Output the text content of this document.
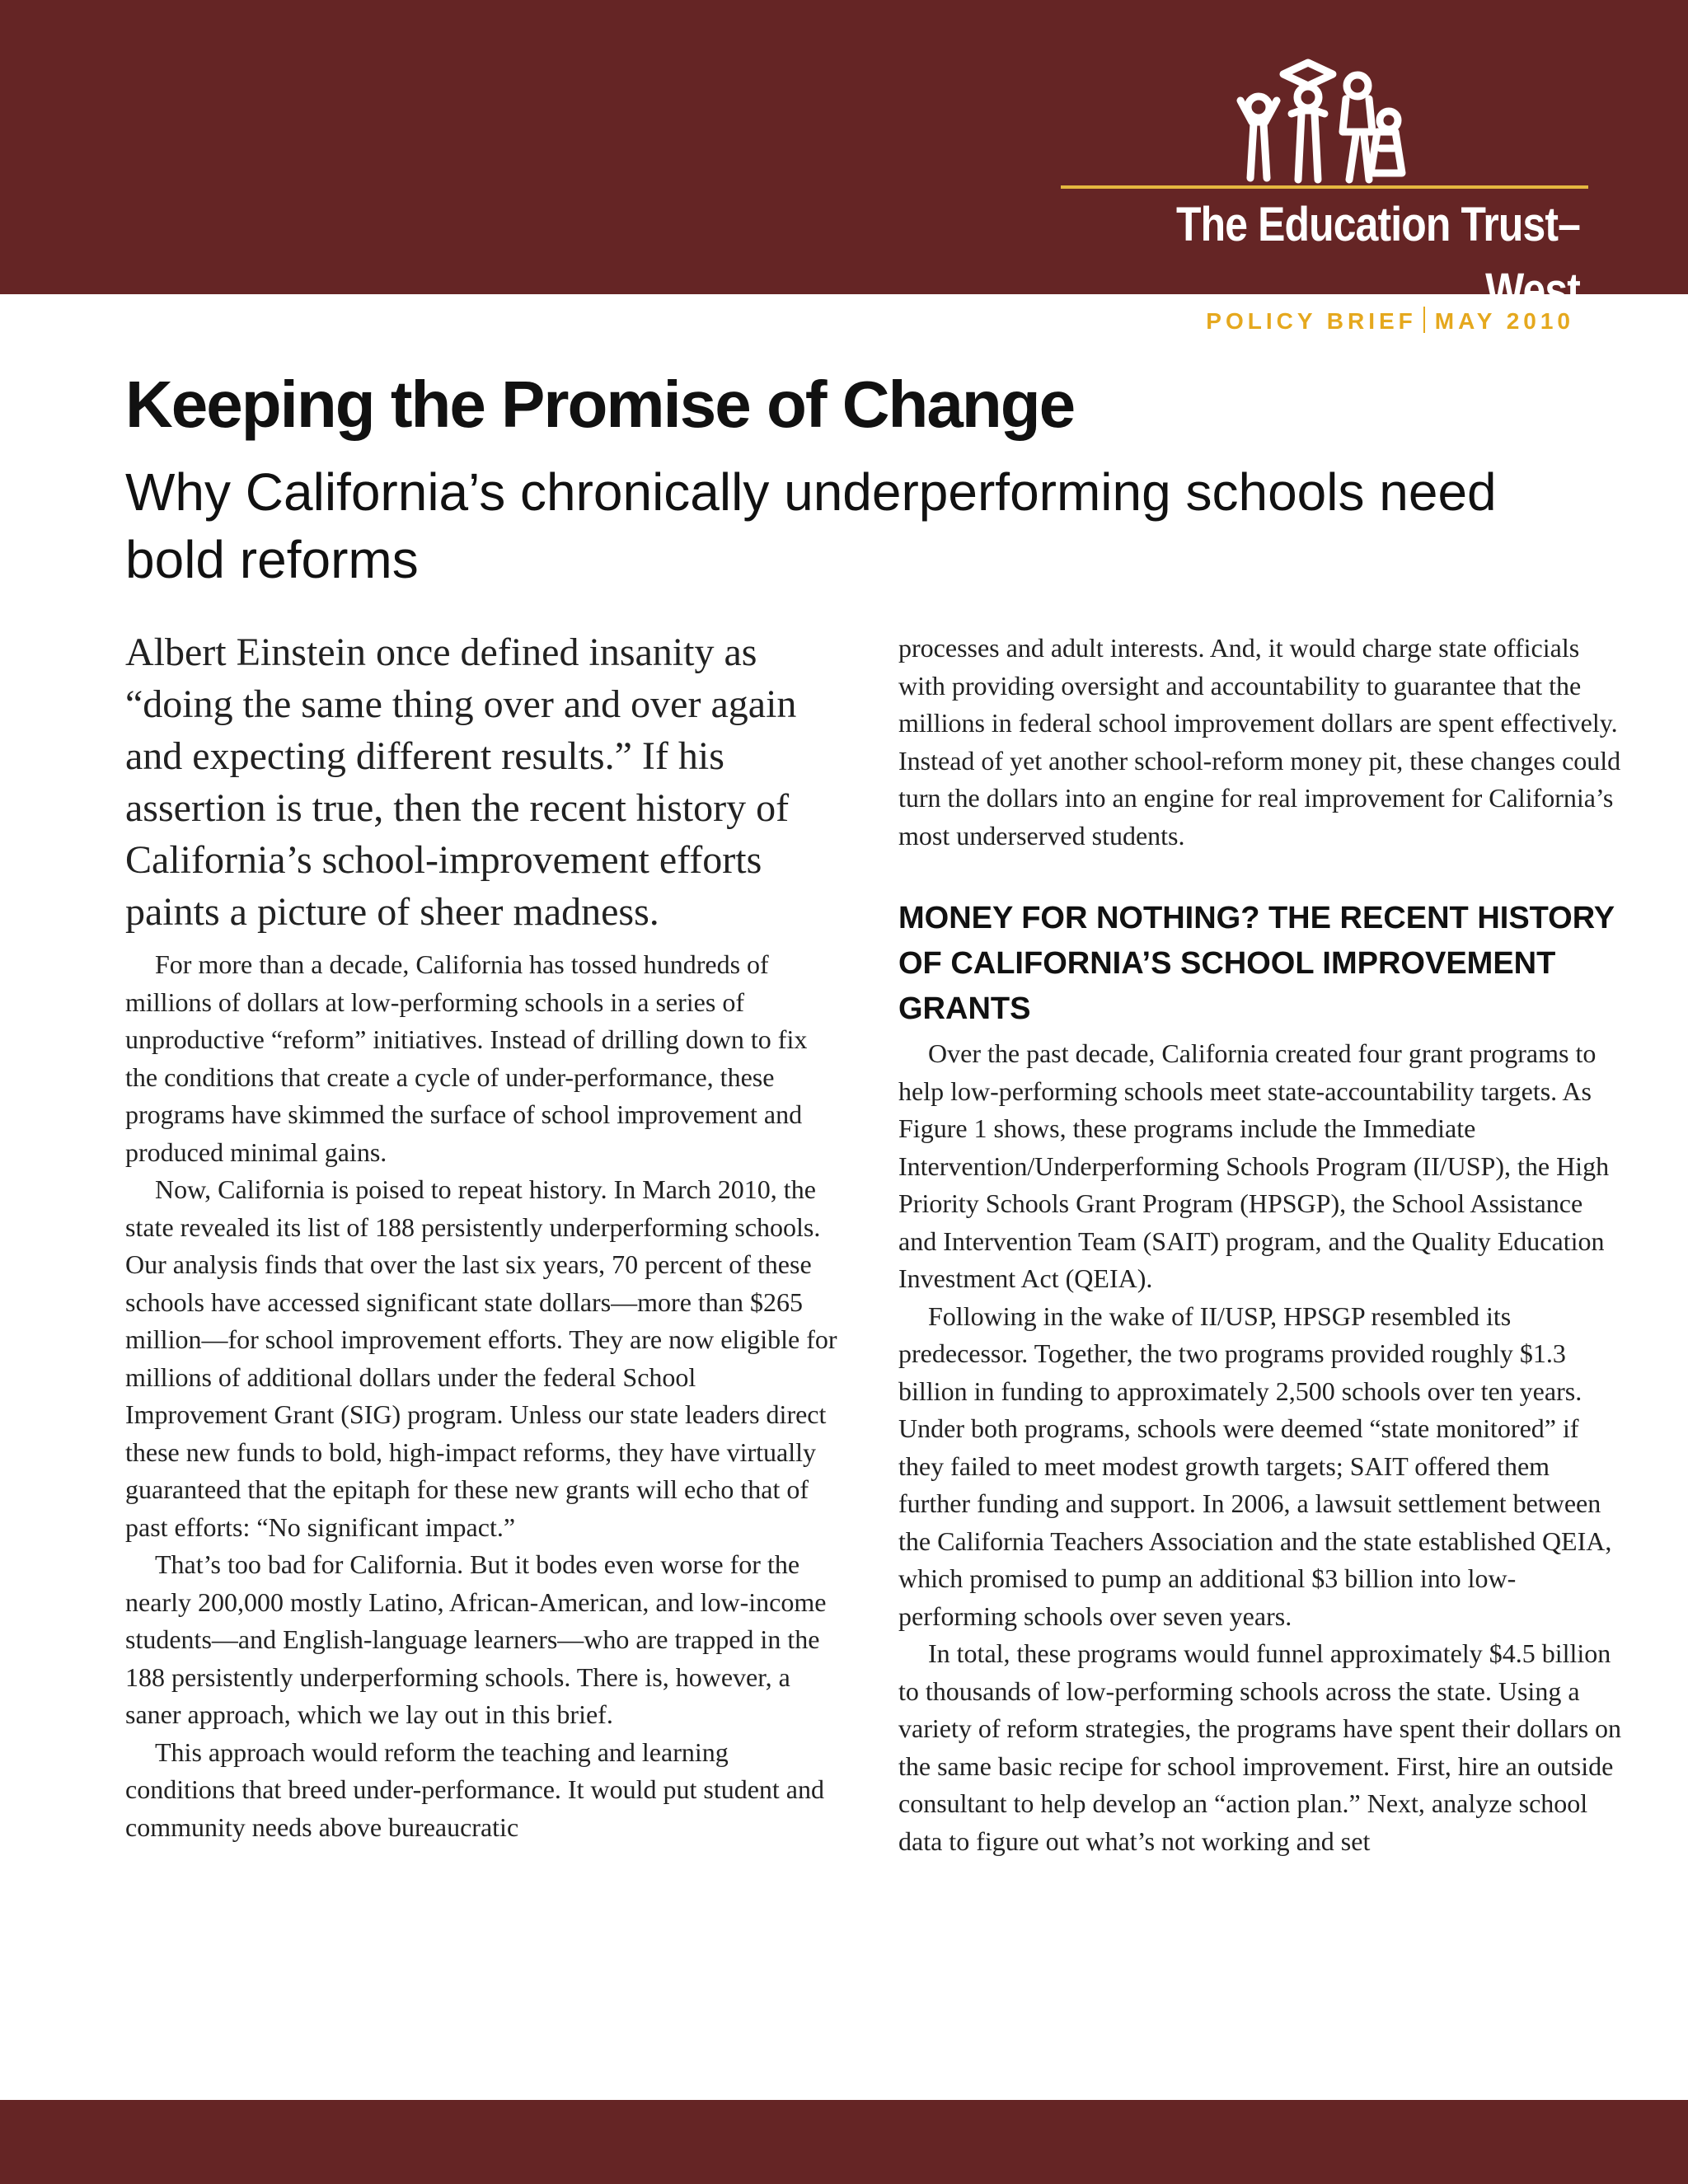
The Education Trust–West
POLICY BRIEF MAY 2010
Keeping the Promise of Change
Why California’s chronically underperforming schools need bold reforms

Albert Einstein once defined insanity as “doing the same thing over and over again and expecting different results.” If his assertion is true, then the recent history of California’s school-improvement efforts paints a picture of sheer madness.

For more than a decade, California has tossed hundreds of millions of dollars at low-performing schools in a series of unproductive “reform” initiatives. Instead of drilling down to fix the conditions that create a cycle of under-performance, these programs have skimmed the surface of school improvement and produced minimal gains.

Now, California is poised to repeat history. In March 2010, the state revealed its list of 188 persistently underperforming schools. Our analysis finds that over the last six years, 70 percent of these schools have accessed significant state dollars—more than $265 million—for school improvement efforts. They are now eligible for millions of additional dollars under the federal School Improvement Grant (SIG) program. Unless our state leaders direct these new funds to bold, high-impact reforms, they have virtually guaranteed that the epitaph for these new grants will echo that of past efforts: “No significant impact.”

That’s too bad for California. But it bodes even worse for the nearly 200,000 mostly Latino, African-American, and low-income students—and English-language learners—who are trapped in the 188 persistently underperforming schools. There is, however, a saner approach, which we lay out in this brief.

This approach would reform the teaching and learning conditions that breed under-performance. It would put student and community needs above bureaucratic

processes and adult interests. And, it would charge state officials with providing oversight and accountability to guarantee that the millions in federal school improvement dollars are spent effectively. Instead of yet another school-reform money pit, these changes could turn the dollars into an engine for real improvement for California’s most underserved students.

MONEY FOR NOTHING? THE RECENT HISTORY OF CALIFORNIA’S SCHOOL IMPROVEMENT GRANTS

Over the past decade, California created four grant programs to help low-performing schools meet state-accountability targets. As Figure 1 shows, these programs include the Immediate Intervention/Underperforming Schools Program (II/USP), the High Priority Schools Grant Program (HPSGP), the School Assistance and Intervention Team (SAIT) program, and the Quality Education Investment Act (QEIA).

Following in the wake of II/USP, HPSGP resembled its predecessor. Together, the two programs provided roughly $1.3 billion in funding to approximately 2,500 schools over ten years. Under both programs, schools were deemed “state monitored” if they failed to meet modest growth targets; SAIT offered them further funding and support. In 2006, a lawsuit settlement between the California Teachers Association and the state established QEIA, which promised to pump an additional $3 billion into low-performing schools over seven years.

In total, these programs would funnel approximately $4.5 billion to thousands of low-performing schools across the state. Using a variety of reform strategies, the programs have spent their dollars on the same basic recipe for school improvement. First, hire an outside consultant to help develop an “action plan.” Next, analyze school data to figure out what’s not working and set
